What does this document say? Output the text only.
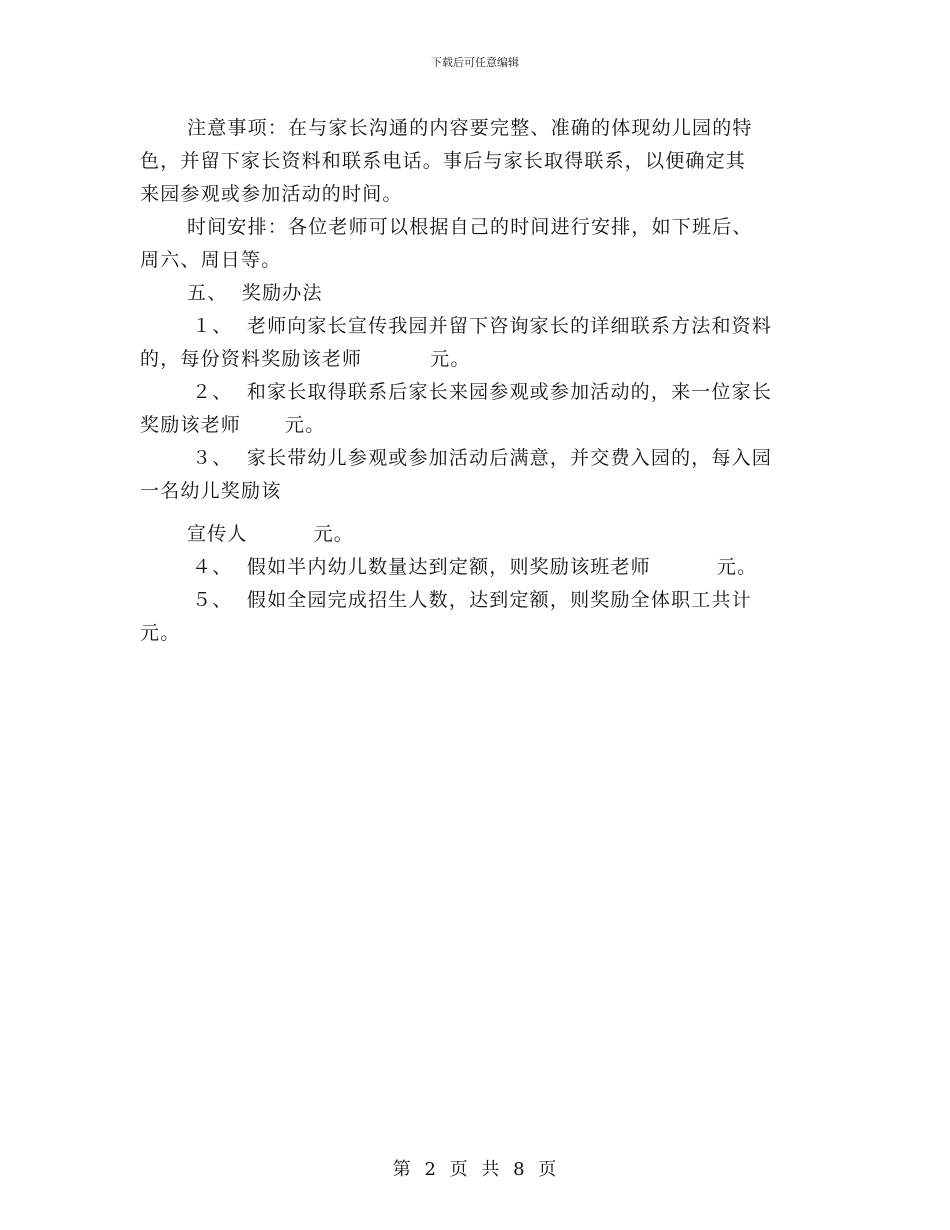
下载后可任意编辑
注意事项：在与家长沟通的内容要完整、准确的体现幼儿园的特
色，并留下家长资料和联系电话。事后与家长取得联系，以便确定其
来园参观或参加活动的时间。
时间安排：各位老师可以根据自己的时间进行安排，如下班后、
周六、周日等。
五、  奖励办法
１、  老师向家长宣传我园并留下咨询家长的详细联系方法和资料
的，每份资料奖励该老师	元。
２、  和家长取得联系后家长来园参观或参加活动的，来一位家长
奖励该老师 元。
３、  家长带幼儿参观或参加活动后满意，并交费入园的，每入园
一名幼儿奖励该
宣传人	元。
４、  假如半内幼儿数量达到定额，则奖励该班老师	元。
５、  假如全园完成招生人数，达到定额，则奖励全体职工共计
元。
第 2 页 共 8 页
